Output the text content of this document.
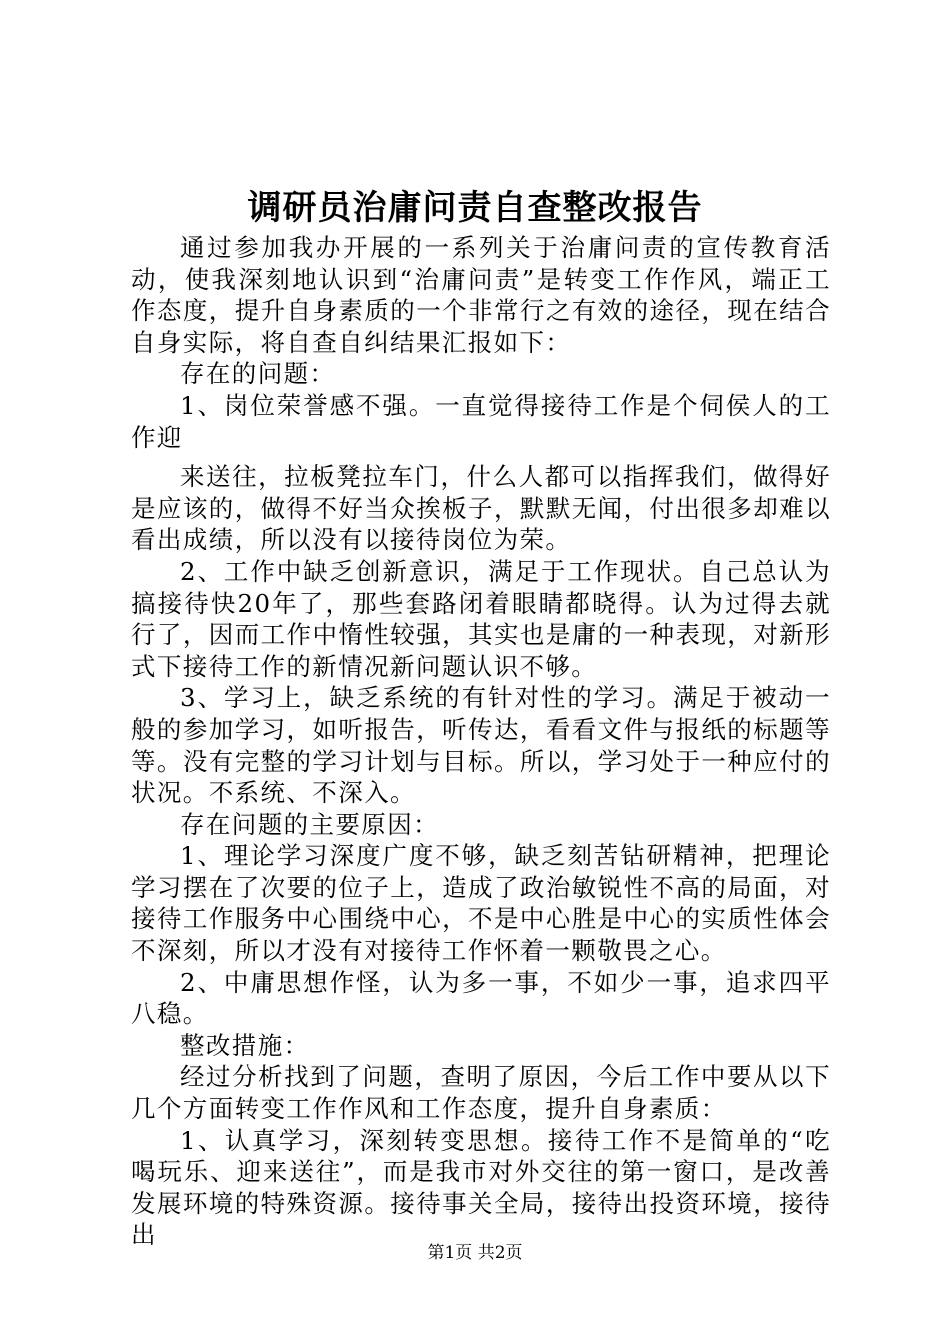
调研员治庸问责自查整改报告

通过参加我办开展的一系列关于治庸问责的宣传教育活动，使我深刻地认识到“治庸问责”是转变工作作风，端正工作态度，提升自身素质的一个非常行之有效的途径，现在结合自身实际，将自查自纠结果汇报如下：

存在的问题：

1、岗位荣誉感不强。一直觉得接待工作是个伺侯人的工作迎

来送往，拉板凳拉车门，什么人都可以指挥我们，做得好是应该的，做得不好当众挨板子，默默无闻，付出很多却难以看出成绩，所以没有以接待岗位为荣。

2、工作中缺乏创新意识，满足于工作现状。自己总认为搞接待快20年了，那些套路闭着眼睛都晓得。认为过得去就行了，因而工作中惰性较强，其实也是庸的一种表现，对新形式下接待工作的新情况新问题认识不够。

3、学习上，缺乏系统的有针对性的学习。满足于被动一般的参加学习，如听报告，听传达，看看文件与报纸的标题等等。没有完整的学习计划与目标。所以，学习处于一种应付的状况。不系统、不深入。

存在问题的主要原因：

1、理论学习深度广度不够，缺乏刻苦钻研精神，把理论学习摆在了次要的位子上，造成了政治敏锐性不高的局面，对接待工作服务中心围绕中心，不是中心胜是中心的实质性体会不深刻，所以才没有对接待工作怀着一颗敬畏之心。

2、中庸思想作怪，认为多一事，不如少一事，追求四平八稳。

整改措施：

经过分析找到了问题，查明了原因，今后工作中要从以下几个方面转变工作作风和工作态度，提升自身素质：

1、认真学习，深刻转变思想。接待工作不是简单的“吃喝玩乐、迎来送往”，而是我市对外交往的第一窗口，是改善发展环境的特殊资源。接待事关全局，接待出投资环境，接待出

第1页 共2页
